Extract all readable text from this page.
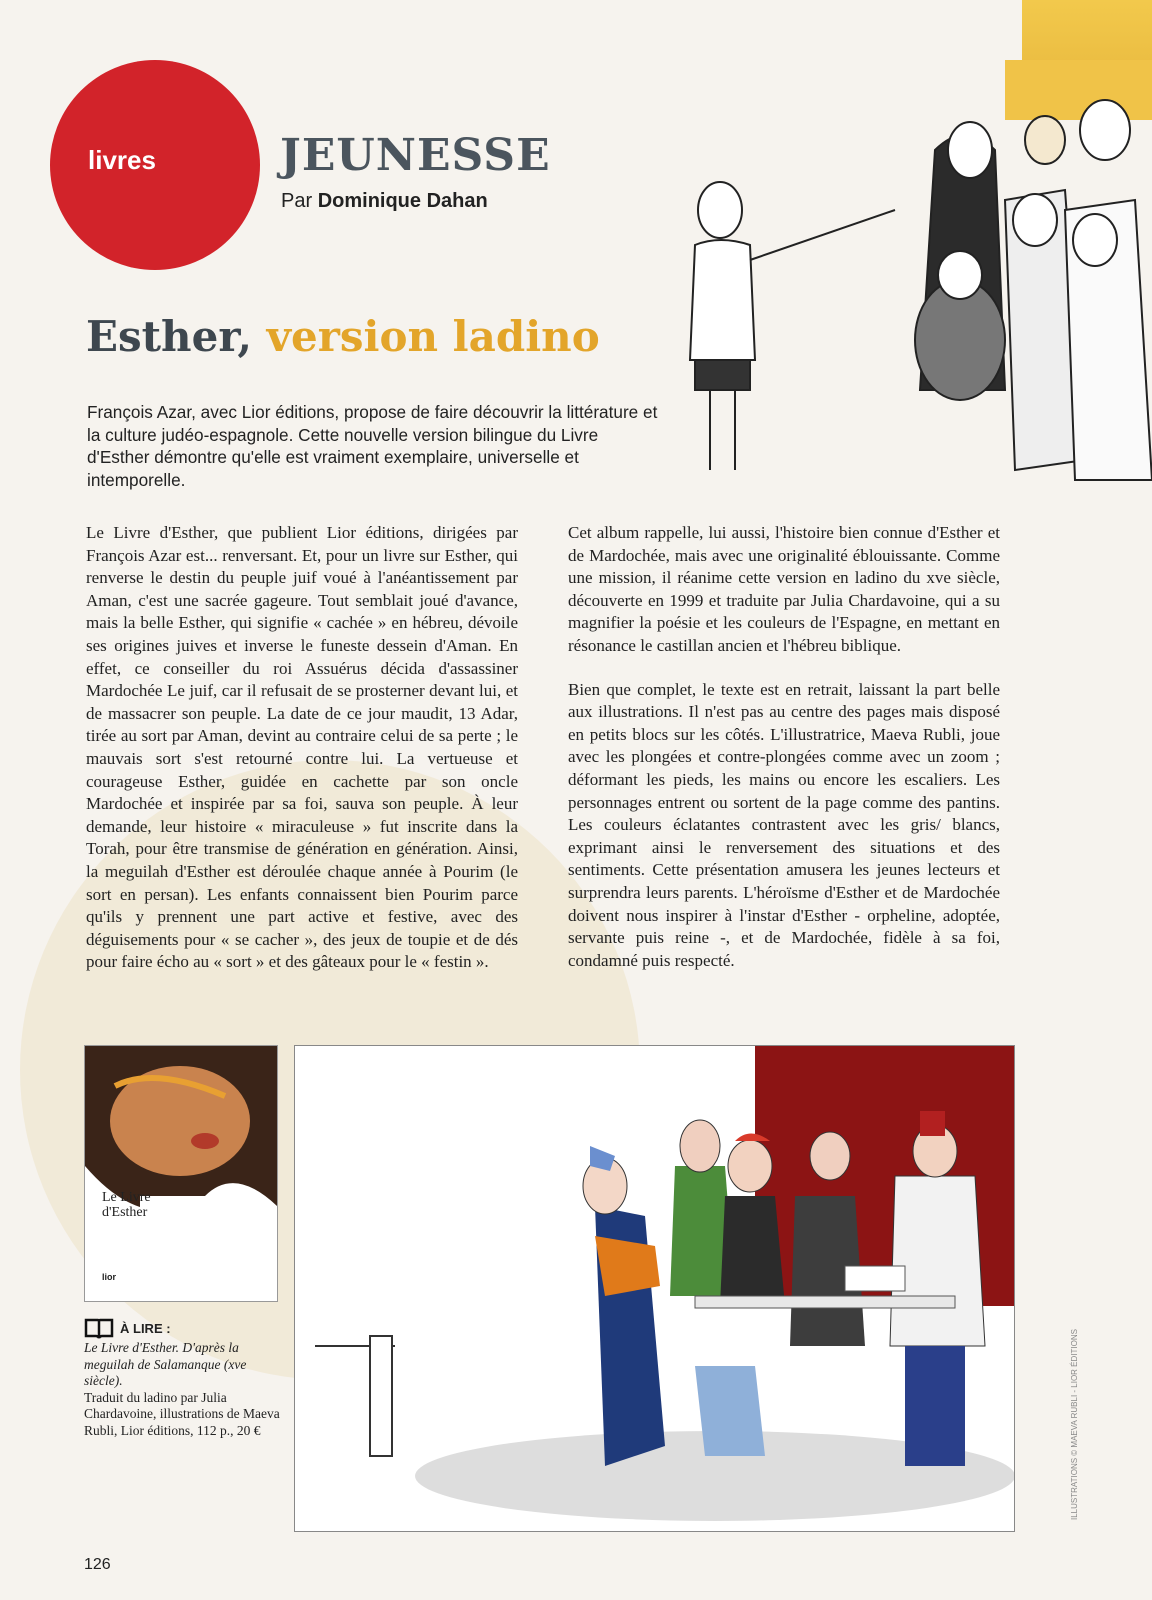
livres	JEUNESSE
Par Dominique Dahan
Esther, version ladino
François Azar, avec Lior éditions, propose de faire découvrir la littérature et la culture judéo-espagnole. Cette nouvelle version bilingue du Livre d'Esther démontre qu'elle est vraiment exemplaire, universelle et intemporelle.

Le Livre d'Esther, que publient Lior éditions, dirigées par François Azar est... renversant. Et, pour un livre sur Esther, qui renverse le destin du peuple juif voué à l'anéantissement par Aman, c'est une sacrée gageure. Tout semblait joué d'avance, mais la belle Esther, qui signifie « cachée » en hébreu, dévoile ses origines juives et inverse le funeste dessein d'Aman. En effet, ce conseiller du roi Assuérus décida d'assassiner Mardochée Le juif, car il refusait de se prosterner devant lui, et de massacrer son peuple. La date de ce jour maudit, 13 Adar, tirée au sort par Aman, devint au contraire celui de sa perte ; le mauvais sort s'est retourné contre lui. La vertueuse et courageuse Esther, guidée en cachette par son oncle Mardochée et inspirée par sa foi, sauva son peuple. À leur demande, leur histoire « miraculeuse » fut inscrite dans la Torah, pour être transmise de génération en génération. Ainsi, la meguilah d'Esther est déroulée chaque année à Pourim (le sort en persan). Les enfants connaissent bien Pourim parce qu'ils y prennent une part active et festive, avec des déguisements pour « se cacher », des jeux de toupie et de dés pour faire écho au « sort » et des gâteaux pour le « festin ».

Cet album rappelle, lui aussi, l'histoire bien connue d'Esther et de Mardochée, mais avec une originalité éblouissante. Comme une mission, il réanime cette version en ladino du xve siècle, découverte en 1999 et traduite par Julia Chardavoine, qui a su magnifier la poésie et les couleurs de l'Espagne, en mettant en résonance le castillan ancien et l'hébreu biblique.

Bien que complet, le texte est en retrait, laissant la part belle aux illustrations. Il n'est pas au centre des pages mais disposé en petits blocs sur les côtés. L'illustratrice, Maeva Rubli, joue avec les plongées et contre-plongées comme avec un zoom ; déformant les pieds, les mains ou encore les escaliers. Les personnages entrent ou sortent de la page comme des pantins. Les couleurs éclatantes contrastent avec les gris/ blancs, exprimant ainsi le renversement des situations et des sentiments. Cette présentation amusera les jeunes lecteurs et surprendra leurs parents. L'héroïsme d'Esther et de Mardochée doivent nous inspirer à l'instar d'Esther - orpheline, adoptée, servante puis reine -, et de Mardochée, fidèle à sa foi, condamné puis respecté.

Le Livre d'Esther
lior
À LIRE :
Le Livre d'Esther. D'après la meguilah de Salamanque (xve siècle).
Traduit du ladino par Julia Chardavoine, illustrations de Maeva Rubli, Lior éditions, 112 p., 20 €	ILLUSTRATIONS © MAEVA RUBLI - LIOR ÉDITIONS
126
